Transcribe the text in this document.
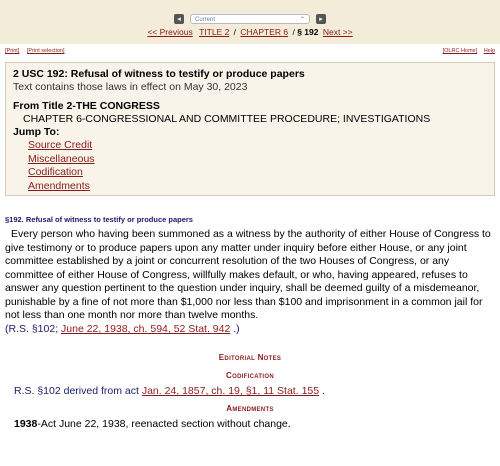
◂	Current	⌃	▸
<< Previous TITLE 2 / CHAPTER 6 / § 192 Next >>
[Print] [Print selection]	[OLRC Home] Help
2 USC 192: Refusal of witness to testify or produce papers
Text contains those laws in effect on May 30, 2023
From Title 2-THE CONGRESS
CHAPTER 6-CONGRESSIONAL AND COMMITTEE PROCEDURE; INVESTIGATIONS
Jump To:
Source Credit
Miscellaneous
Codification
Amendments
§192. Refusal of witness to testify or produce papers
Every person who having been summoned as a witness by the authority of either House of Congress to give testimony or to produce papers upon any matter under inquiry before either House, or any joint committee established by a joint or concurrent resolution of the two Houses of Congress, or any committee of either House of Congress, willfully makes default, or who, having appeared, refuses to answer any question pertinent to the question under inquiry, shall be deemed guilty of a misdemeanor, punishable by a fine of not more than $1,000 nor less than $100 and imprisonment in a common jail for not less than one month nor more than twelve months.
(R.S. §102; June 22, 1938, ch. 594, 52 Stat. 942 .)
Editorial Notes
Codification
R.S. §102 derived from act Jan. 24, 1857, ch. 19, §1, 11 Stat. 155 .
Amendments
1938-Act June 22, 1938, reenacted section without change.
